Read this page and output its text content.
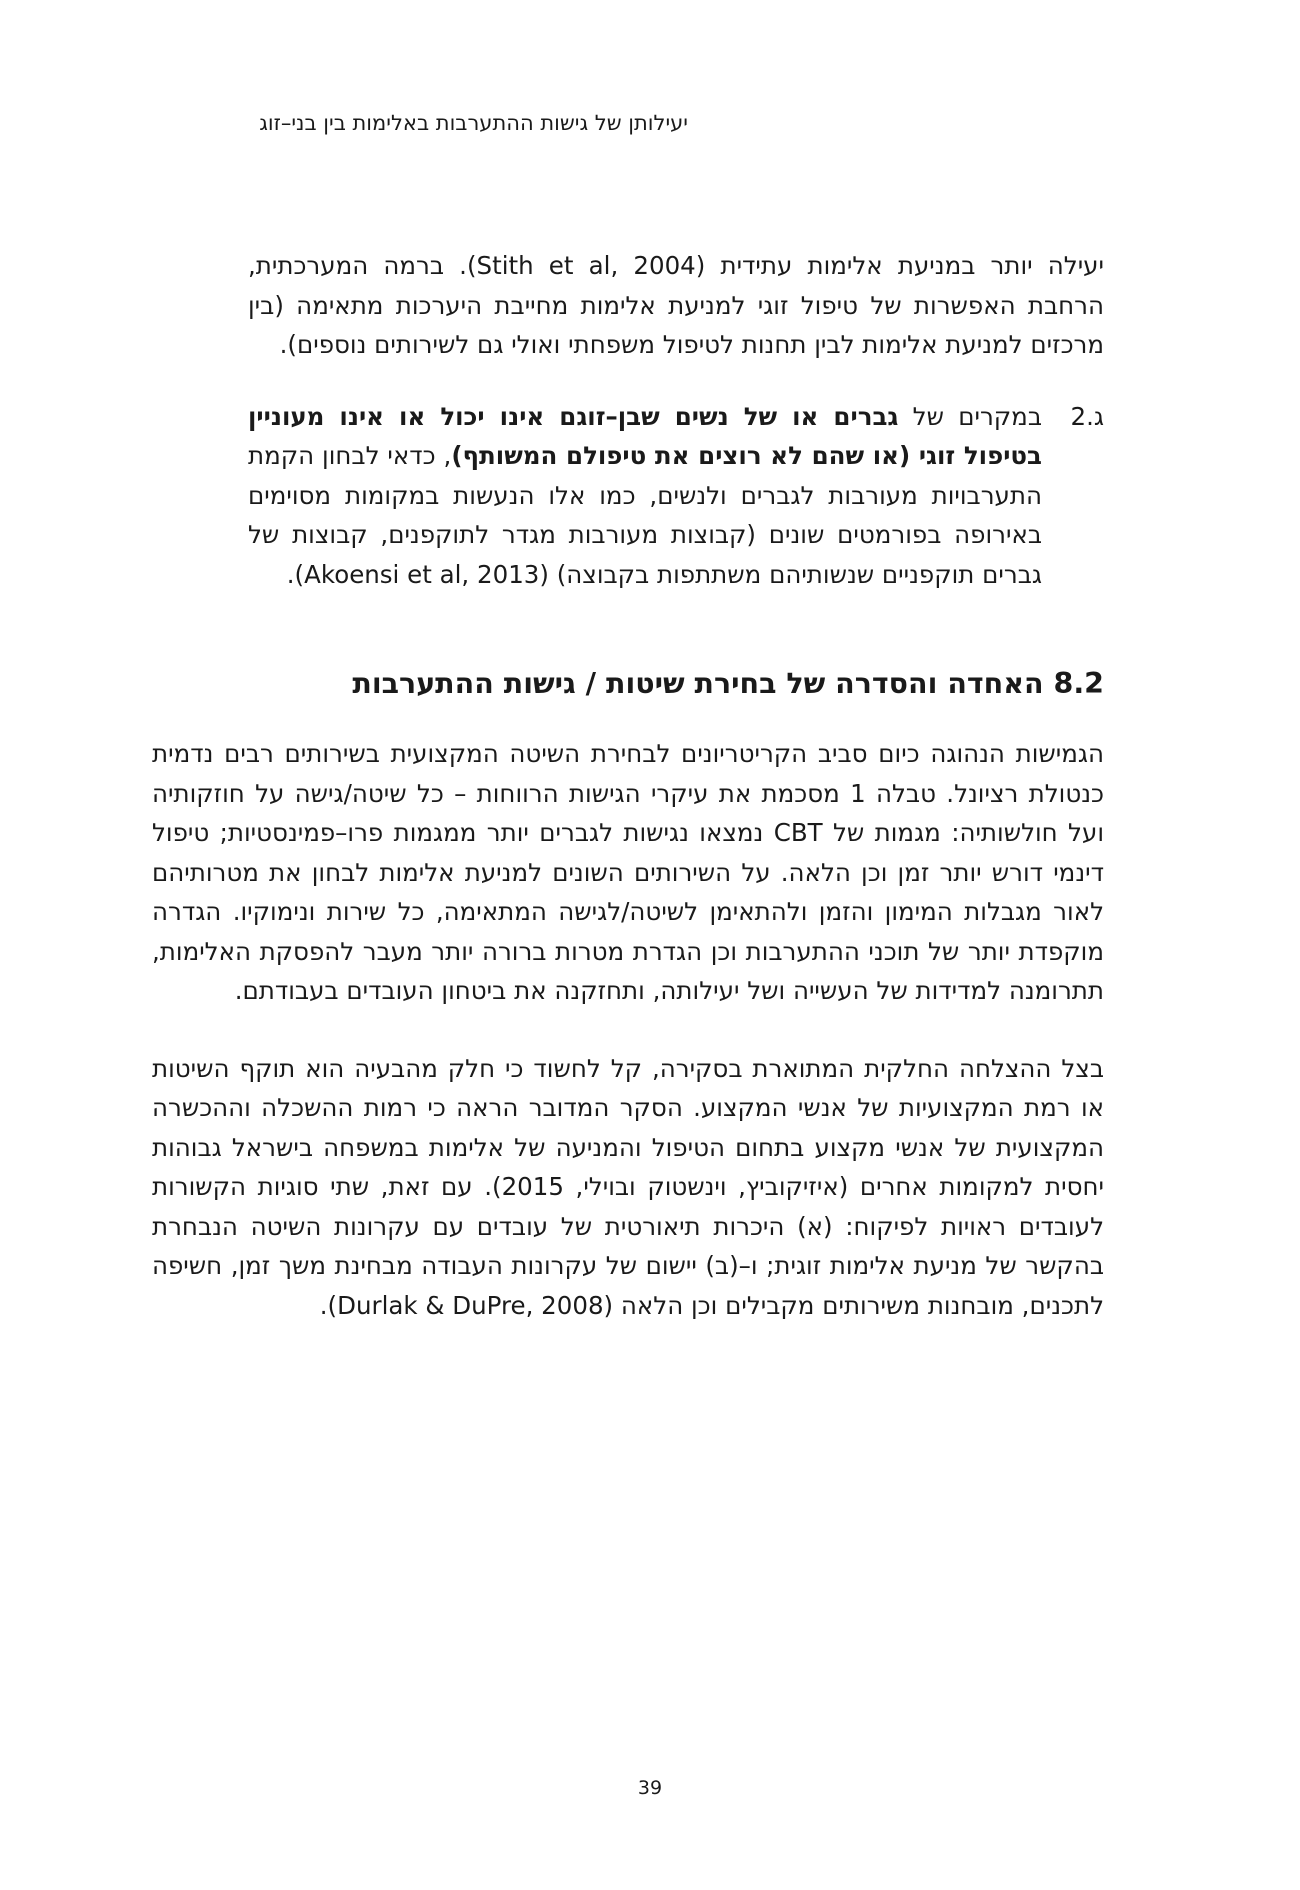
יעילותן של גישות ההתערבות באלימות בין בני–זוג

יעילה יותר במניעת אלימות עתידית (Stith et al, 2004). ברמה המערכתית, הרחבת האפשרות של טיפול זוגי למניעת אלימות מחייבת היערכות מתאימה (בין מרכזים למניעת אלימות לבין תחנות לטיפול משפחתי ואולי גם לשירותים נוספים).

ג.2

במקרים של גברים או של נשים שבן–זוגם אינו יכול או אינו מעוניין בטיפול זוגי (או שהם לא רוצים את טיפולם המשותף), כדאי לבחון הקמת התערבויות מעורבות לגברים ולנשים, כמו אלו הנעשות במקומות מסוימים באירופה בפורמטים שונים (קבוצות מעורבות מגדר לתוקפנים, קבוצות של גברים תוקפניים שנשותיהם משתתפות בקבוצה) (Akoensi et al, 2013).

8.2 האחדה והסדרה של בחירת שיטות / גישות ההתערבות

הגמישות הנהוגה כיום סביב הקריטריונים לבחירת השיטה המקצועית בשירותים רבים נדמית כנטולת רציונל. טבלה 1 מסכמת את עיקרי הגישות הרווחות – כל שיטה/גישה על חוזקותיה ועל חולשותיה: מגמות של CBT נמצאו נגישות לגברים יותר ממגמות פרו–פמינסטיות; טיפול דינמי דורש יותר זמן וכן הלאה. על השירותים השונים למניעת אלימות לבחון את מטרותיהם לאור מגבלות המימון והזמן ולהתאימן לשיטה/לגישה המתאימה, כל שירות ונימוקיו. הגדרה מוקפדת יותר של תוכני ההתערבות וכן הגדרת מטרות ברורה יותר מעבר להפסקת האלימות, תתרומנה למדידות של העשייה ושל יעילותה, ותחזקנה את ביטחון העובדים בעבודתם.

בצל ההצלחה החלקית המתוארת בסקירה, קל לחשוד כי חלק מהבעיה הוא תוקף השיטות או רמת המקצועיות של אנשי המקצוע. הסקר המדובר הראה כי רמות ההשכלה וההכשרה המקצועית של אנשי מקצוע בתחום הטיפול והמניעה של אלימות במשפחה בישראל גבוהות יחסית למקומות אחרים (איזיקוביץ, וינשטוק ובוילי, 2015). עם זאת, שתי סוגיות הקשורות לעובדים ראויות לפיקוח: (א) היכרות תיאורטית של עובדים עם עקרונות השיטה הנבחרת בהקשר של מניעת אלימות זוגית; ו–(ב) יישום של עקרונות העבודה מבחינת משך זמן, חשיפה לתכנים, מובחנות משירותים מקבילים וכן הלאה (Durlak & DuPre, 2008).

39
